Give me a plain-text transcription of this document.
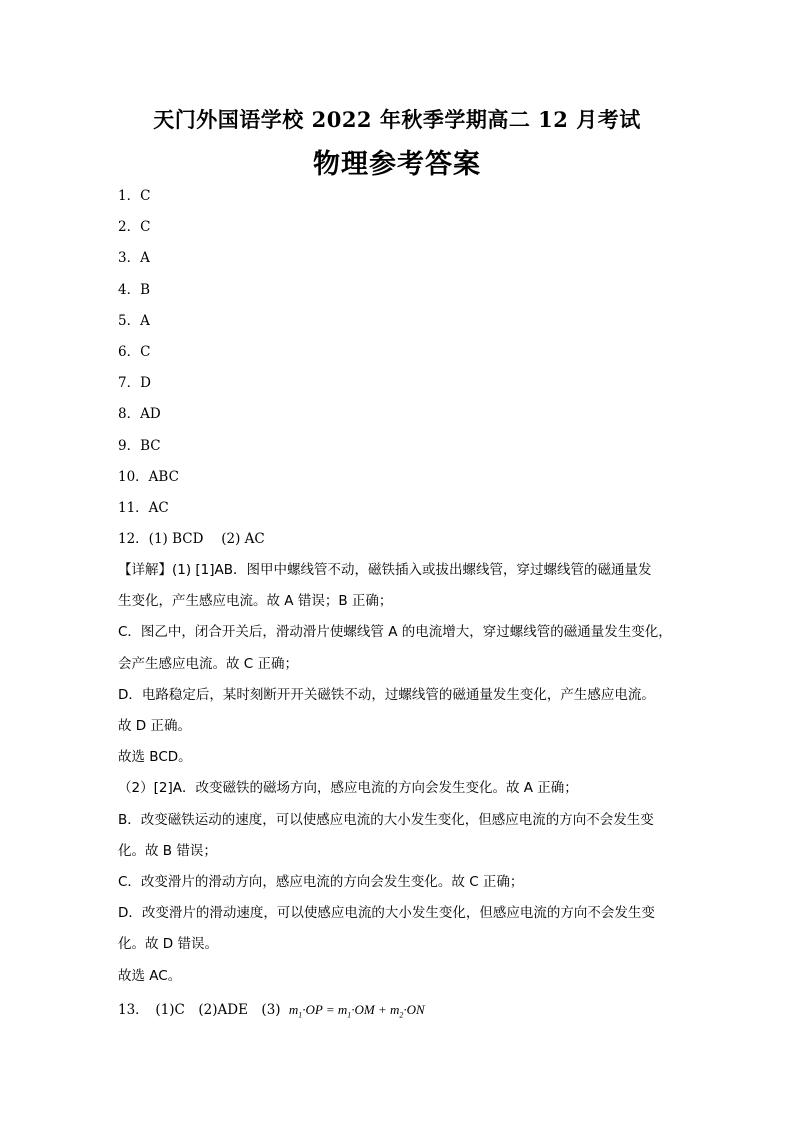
天门外国语学校 2022 年秋季学期高二 12 月考试
物理参考答案
1．C
2．C
3．A
4．B
5．A
6．C
7．D
8．AD
9．BC
10．ABC
11．AC
12．(1) BCD　 (2) AC
【详解】(1) [1]AB．图甲中螺线管不动，磁铁插入或拔出螺线管，穿过螺线管的磁通量发
生变化，产生感应电流。故 A 错误；B 正确；
C．图乙中，闭合开关后，滑动滑片使螺线管 A 的电流增大，穿过螺线管的磁通量发生变化，
会产生感应电流。故 C 正确；
D．电路稳定后，某时刻断开开关磁铁不动，过螺线管的磁通量发生变化，产生感应电流。
故 D 正确。
故选 BCD。
（2）[2]A．改变磁铁的磁场方向，感应电流的方向会发生变化。故 A 正确；
B．改变磁铁运动的速度，可以使感应电流的大小发生变化，但感应电流的方向不会发生变
化。故 B 错误；
C．改变滑片的滑动方向，感应电流的方向会发生变化。故 C 正确；
D．改变滑片的滑动速度，可以使感应电流的大小发生变化，但感应电流的方向不会发生变
化。故 D 错误。
故选 AC。
13．　(1)C　(2)ADE　(3) $m_1\cdot OP = m_1\cdot OM + m_2\cdot ON$
